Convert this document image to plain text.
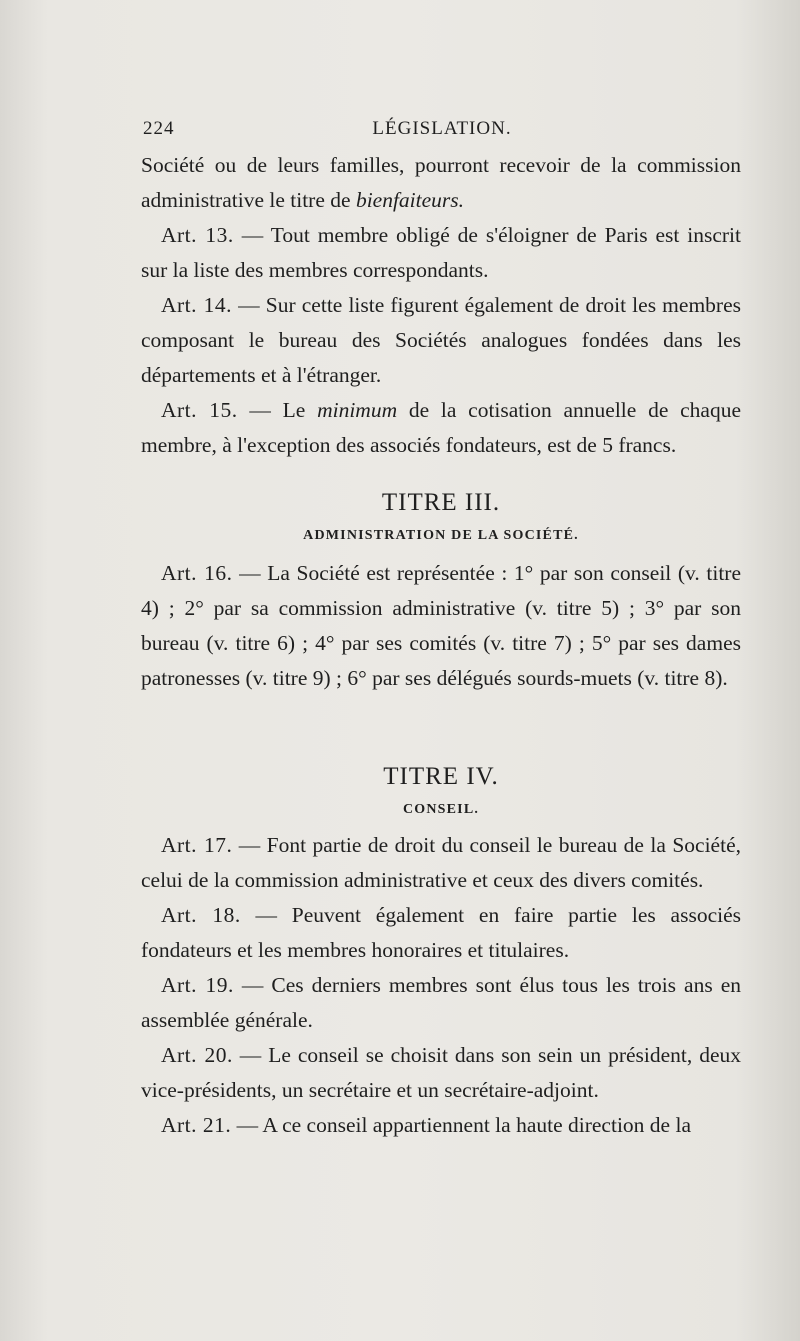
224	LÉGISLATION.

Société ou de leurs familles, pourront recevoir de la commission administrative le titre de bienfaiteurs.

Art. 13. — Tout membre obligé de s'éloigner de Paris est inscrit sur la liste des membres correspondants.

Art. 14. — Sur cette liste figurent également de droit les membres composant le bureau des Sociétés analogues fondées dans les départements et à l'étranger.

Art. 15. — Le minimum de la cotisation annuelle de chaque membre, à l'exception des associés fondateurs, est de 5 francs.

TITRE III.

ADMINISTRATION DE LA SOCIÉTÉ.

Art. 16. — La Société est représentée : 1° par son conseil (v. titre 4) ; 2° par sa commission administrative (v. titre 5) ; 3° par son bureau (v. titre 6) ; 4° par ses comités (v. titre 7) ; 5° par ses dames patronesses (v. titre 9) ; 6° par ses délégués sourds-muets (v. titre 8).

TITRE IV.

CONSEIL.

Art. 17. — Font partie de droit du conseil le bureau de la Société, celui de la commission administrative et ceux des divers comités.

Art. 18. — Peuvent également en faire partie les associés fondateurs et les membres honoraires et titulaires.

Art. 19. — Ces derniers membres sont élus tous les trois ans en assemblée générale.

Art. 20. — Le conseil se choisit dans son sein un président, deux vice-présidents, un secrétaire et un secrétaire-adjoint.

Art. 21. — A ce conseil appartiennent la haute direction de la
